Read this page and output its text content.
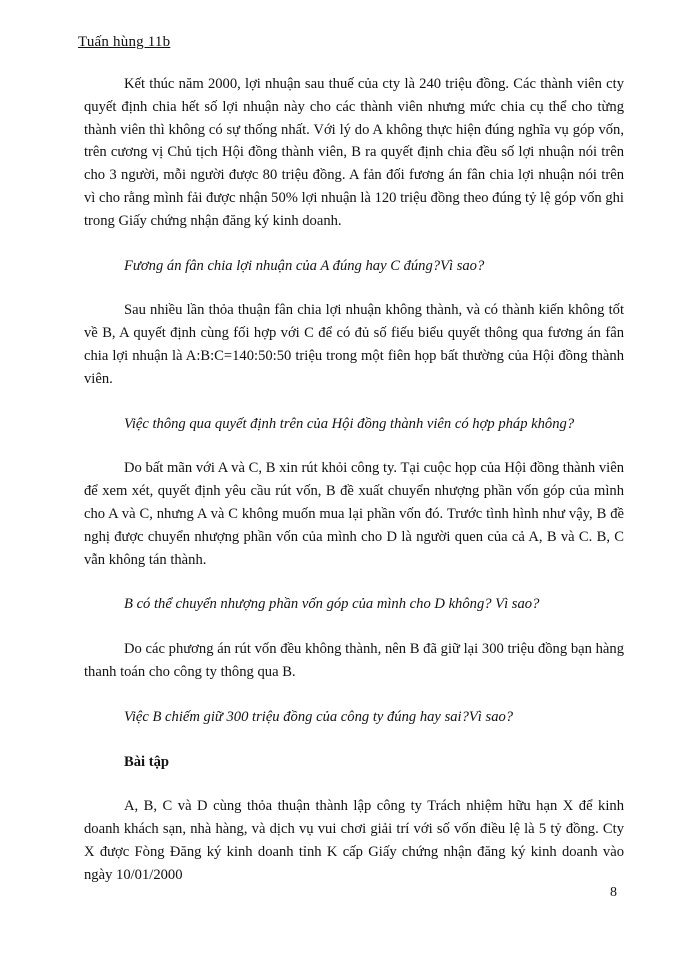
Tuấn hùng 11b

Kết thúc năm 2000, lợi nhuận sau thuế của cty là 240 triệu đồng. Các thành viên cty quyết định chia hết số lợi nhuận này cho các thành viên nhưng mức chia cụ thể cho từng thành viên thì không có sự thống nhất. Với lý do A không thực hiện đúng nghĩa vụ góp vốn, trên cương vị Chủ tịch Hội đồng thành viên, B ra quyết định chia đều số lợi nhuận nói trên cho 3 người, mỗi người được 80 triệu đồng. A fản đối fương án fân chia lợi nhuận nói trên vì cho rằng mình fải được nhận 50% lợi nhuận là 120 triệu đồng theo đúng tỷ lệ góp vốn ghi trong Giấy chứng nhận đăng ký kinh doanh.

Fương án fân chia lợi nhuận của A đúng hay C đúng?Vì sao?

Sau nhiều lần thỏa thuận fân chia lợi nhuận không thành, và có thành kiến không tốt về B, A quyết định cùng fối hợp với C để có đủ số fiếu biểu quyết thông qua fương án fân chia lợi nhuận là A:B:C=140:50:50 triệu trong một fiên họp bất thường của Hội đồng thành viên.

Việc thông qua quyết định trên của Hội đồng thành viên có hợp pháp không?

Do bất mãn với A và C, B xin rút khỏi công ty. Tại cuộc họp của Hội đồng thành viên để xem xét, quyết định yêu cầu rút vốn, B đề xuất chuyển nhượng phần vốn góp của mình cho A và C, nhưng A và C không muốn mua lại phần vốn đó. Trước tình hình như vậy, B đề nghị được chuyển nhượng phần vốn của mình cho D là người quen của cả A, B và C. B, C vẫn không tán thành.

B có thể chuyển nhượng phần vốn góp của mình cho D không? Vì sao?

Do các phương án rút vốn đều không thành, nên B đã giữ lại 300 triệu đồng bạn hàng thanh toán cho công ty thông qua B.

Việc B chiếm giữ 300 triệu đồng của công ty đúng hay sai?Vì sao?

Bài tập

A, B, C và D cùng thỏa thuận thành lập công ty Trách nhiệm hữu hạn X để kinh doanh khách sạn, nhà hàng, và dịch vụ vui chơi giải trí với số vốn điều lệ là 5 tỷ đồng. Cty X được Fòng Đăng ký kinh doanh tỉnh K cấp Giấy chứng nhận đăng ký kinh doanh vào ngày 10/01/2000

8
